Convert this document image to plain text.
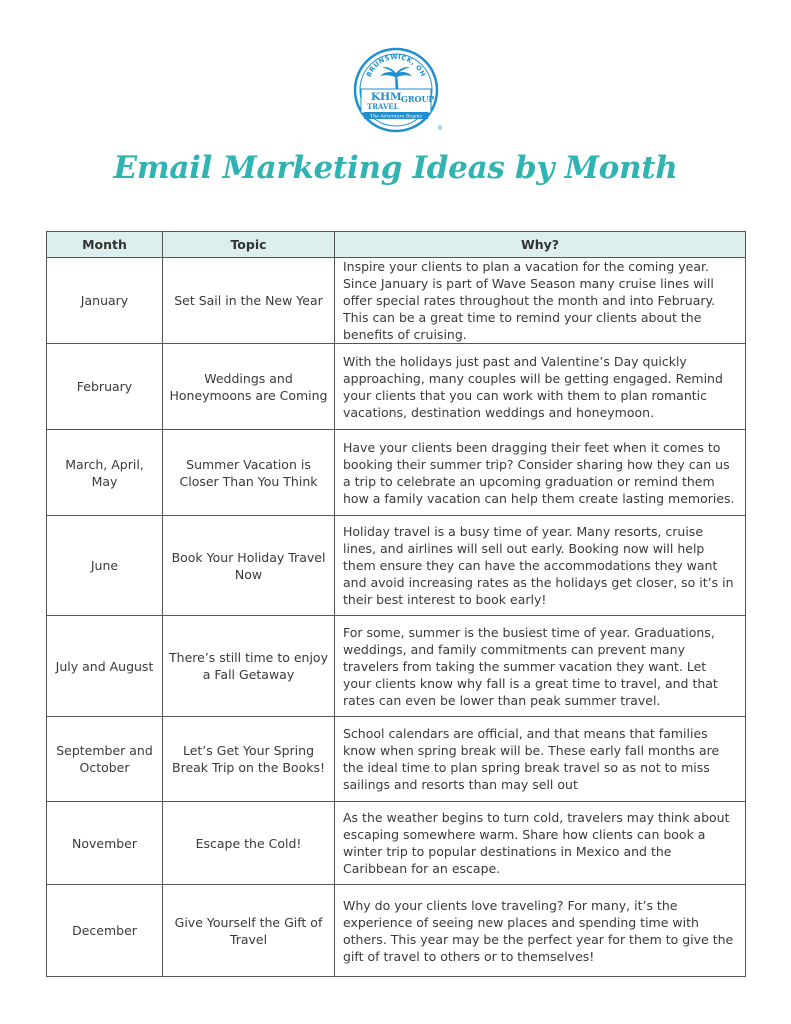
BRUNSWICK, OH
KHM
TRAVEL
GROUP
The Adventure Begins
®
Email Marketing Ideas by Month
Month	Topic	Why?
January	Set Sail in the New Year	Inspire your clients to plan a vacation for the coming year. Since January is part of Wave Season many cruise lines will offer special rates throughout the month and into February. This can be a great time to remind your clients about the benefits of cruising.
February	Weddings and Honeymoons are Coming	With the holidays just past and Valentine’s Day quickly approaching, many couples will be getting engaged. Remind your clients that you can work with them to plan romantic vacations, destination weddings and honeymoon.
March, April, May	Summer Vacation is Closer Than You Think	Have your clients been dragging their feet when it comes to booking their summer trip? Consider sharing how they can us a trip to celebrate an upcoming graduation or remind them how a family vacation can help them create lasting memories.
June	Book Your Holiday Travel Now	Holiday travel is a busy time of year. Many resorts, cruise lines, and airlines will sell out early. Booking now will help them ensure they can have the accommodations they want and avoid increasing rates as the holidays get closer, so it’s in their best interest to book early!
July and August	There’s still time to enjoy a Fall Getaway	For some, summer is the busiest time of year. Graduations, weddings, and family commitments can prevent many travelers from taking the summer vacation they want. Let your clients know why fall is a great time to travel, and that rates can even be lower than peak summer travel.
September and October	Let’s Get Your Spring Break Trip on the Books!	School calendars are official, and that means that families know when spring break will be. These early fall months are the ideal time to plan spring break travel so as not to miss sailings and resorts than may sell out
November	Escape the Cold!	As the weather begins to turn cold, travelers may think about escaping somewhere warm. Share how clients can book a winter trip to popular destinations in Mexico and the Caribbean for an escape.
December	Give Yourself the Gift of Travel	Why do your clients love traveling? For many, it’s the experience of seeing new places and spending time with others. This year may be the perfect year for them to give the gift of travel to others or to themselves!
